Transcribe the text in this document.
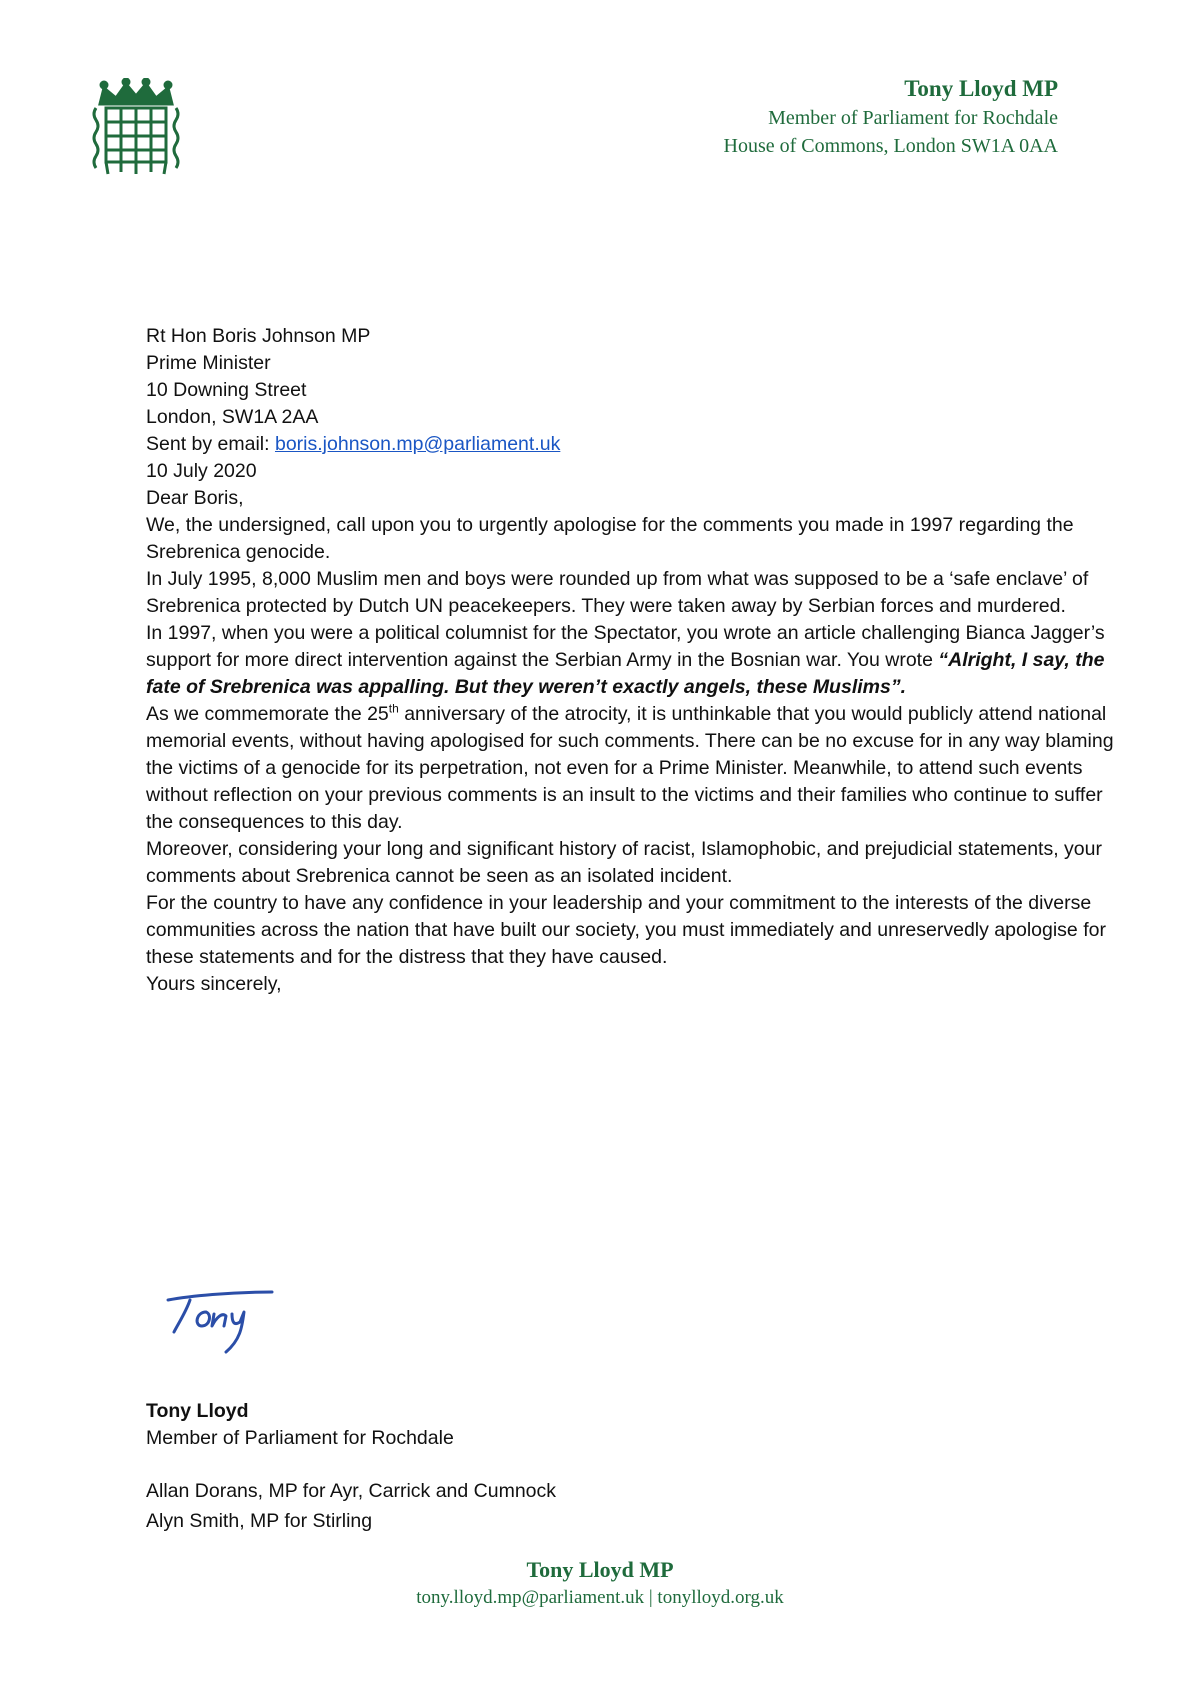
Tony Lloyd MP
Member of Parliament for Rochdale
House of Commons, London SW1A 0AA

Rt Hon Boris Johnson MP

Prime Minister

10 Downing Street

London, SW1A 2AA

Sent by email: boris.johnson.mp@parliament.uk

10 July 2020

Dear Boris,

We, the undersigned, call upon you to urgently apologise for the comments you made in 1997 regarding the Srebrenica genocide.

In July 1995, 8,000 Muslim men and boys were rounded up from what was supposed to be a ‘safe enclave’ of Srebrenica protected by Dutch UN peacekeepers. They were taken away by Serbian forces and murdered.

In 1997, when you were a political columnist for the Spectator, you wrote an article challenging Bianca Jagger’s support for more direct intervention against the Serbian Army in the Bosnian war. You wrote “Alright, I say, the fate of Srebrenica was appalling. But they weren’t exactly angels, these Muslims”.

As we commemorate the 25th anniversary of the atrocity, it is unthinkable that you would publicly attend national memorial events, without having apologised for such comments. There can be no excuse for in any way blaming the victims of a genocide for its perpetration, not even for a Prime Minister. Meanwhile, to attend such events without reflection on your previous comments is an insult to the victims and their families who continue to suffer the consequences to this day.

Moreover, considering your long and significant history of racist, Islamophobic, and prejudicial statements, your comments about Srebrenica cannot be seen as an isolated incident.

For the country to have any confidence in your leadership and your commitment to the interests of the diverse communities across the nation that have built our society, you must immediately and unreservedly apologise for these statements and for the distress that they have caused.

Yours sincerely,

Tony Lloyd

Member of Parliament for Rochdale

Allan Dorans, MP for Ayr, Carrick and Cumnock

Alyn Smith, MP for Stirling

Tony Lloyd MP
tony.lloyd.mp@parliament.uk | tonylloyd.org.uk
